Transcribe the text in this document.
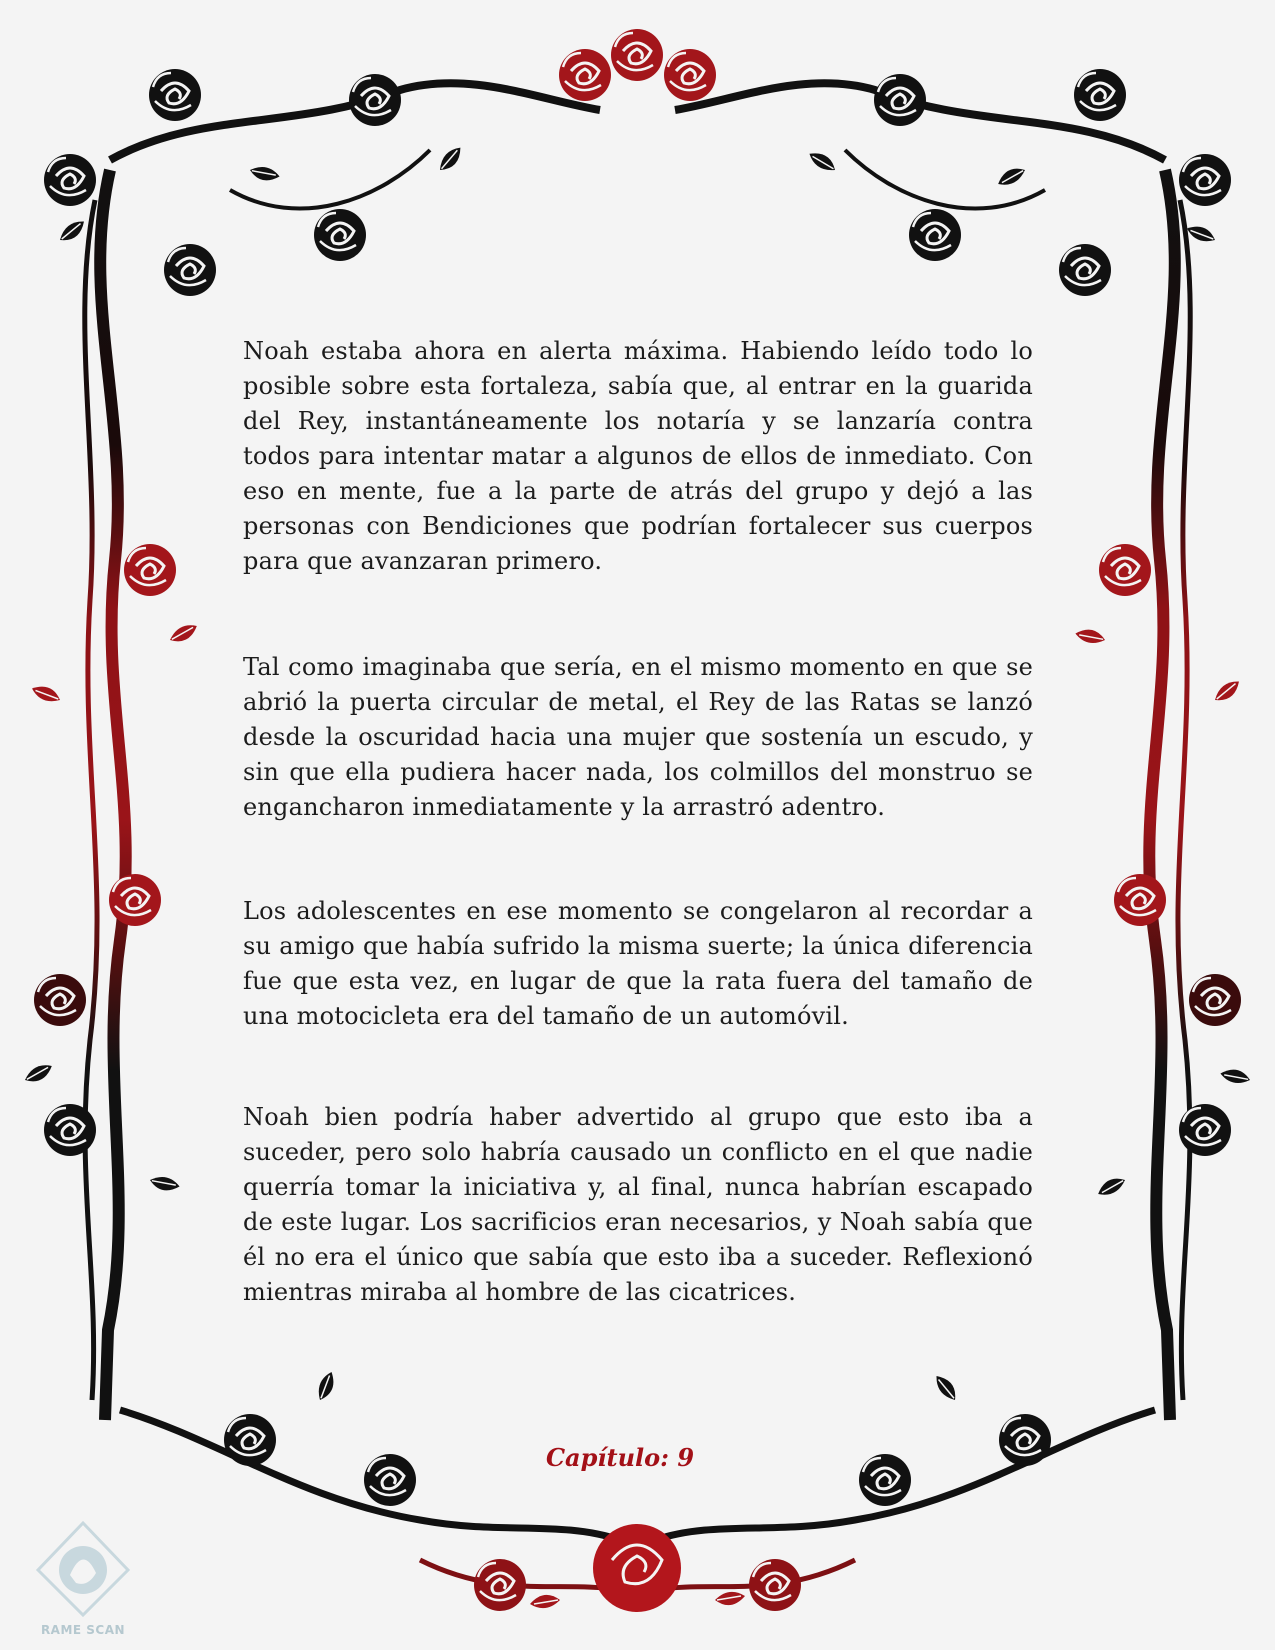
Noah estaba ahora en alerta máxima. Habiendo leído todo lo posible sobre esta fortaleza, sabía que, al entrar en la guarida del Rey, instantáneamente los notaría y se lanzaría contra todos para intentar matar a algunos de ellos de inmediato. Con eso en mente, fue a la parte de atrás del grupo y dejó a las personas con Bendiciones que podrían fortalecer sus cuerpos para que avanzaran primero.

Tal como imaginaba que sería, en el mismo momento en que se abrió la puerta circular de metal, el Rey de las Ratas se lanzó desde la oscuridad hacia una mujer que sostenía un escudo, y sin que ella pudiera hacer nada, los colmillos del monstruo se engancharon inmediatamente y la arrastró adentro.

Los adolescentes en ese momento se congelaron al recordar a su amigo que había sufrido la misma suerte; la única diferencia fue que esta vez, en lugar de que la rata fuera del tamaño de una motocicleta era del tamaño de un automóvil.

Noah bien podría haber advertido al grupo que esto iba a suceder, pero solo habría causado un conflicto en el que nadie querría tomar la iniciativa y, al final, nunca habrían escapado de este lugar. Los sacrificios eran necesarios, y Noah sabía que él no era el único que sabía que esto iba a suceder. Reflexionó mientras miraba al hombre de las cicatrices.

Capítulo: 9
RAME SCAN
